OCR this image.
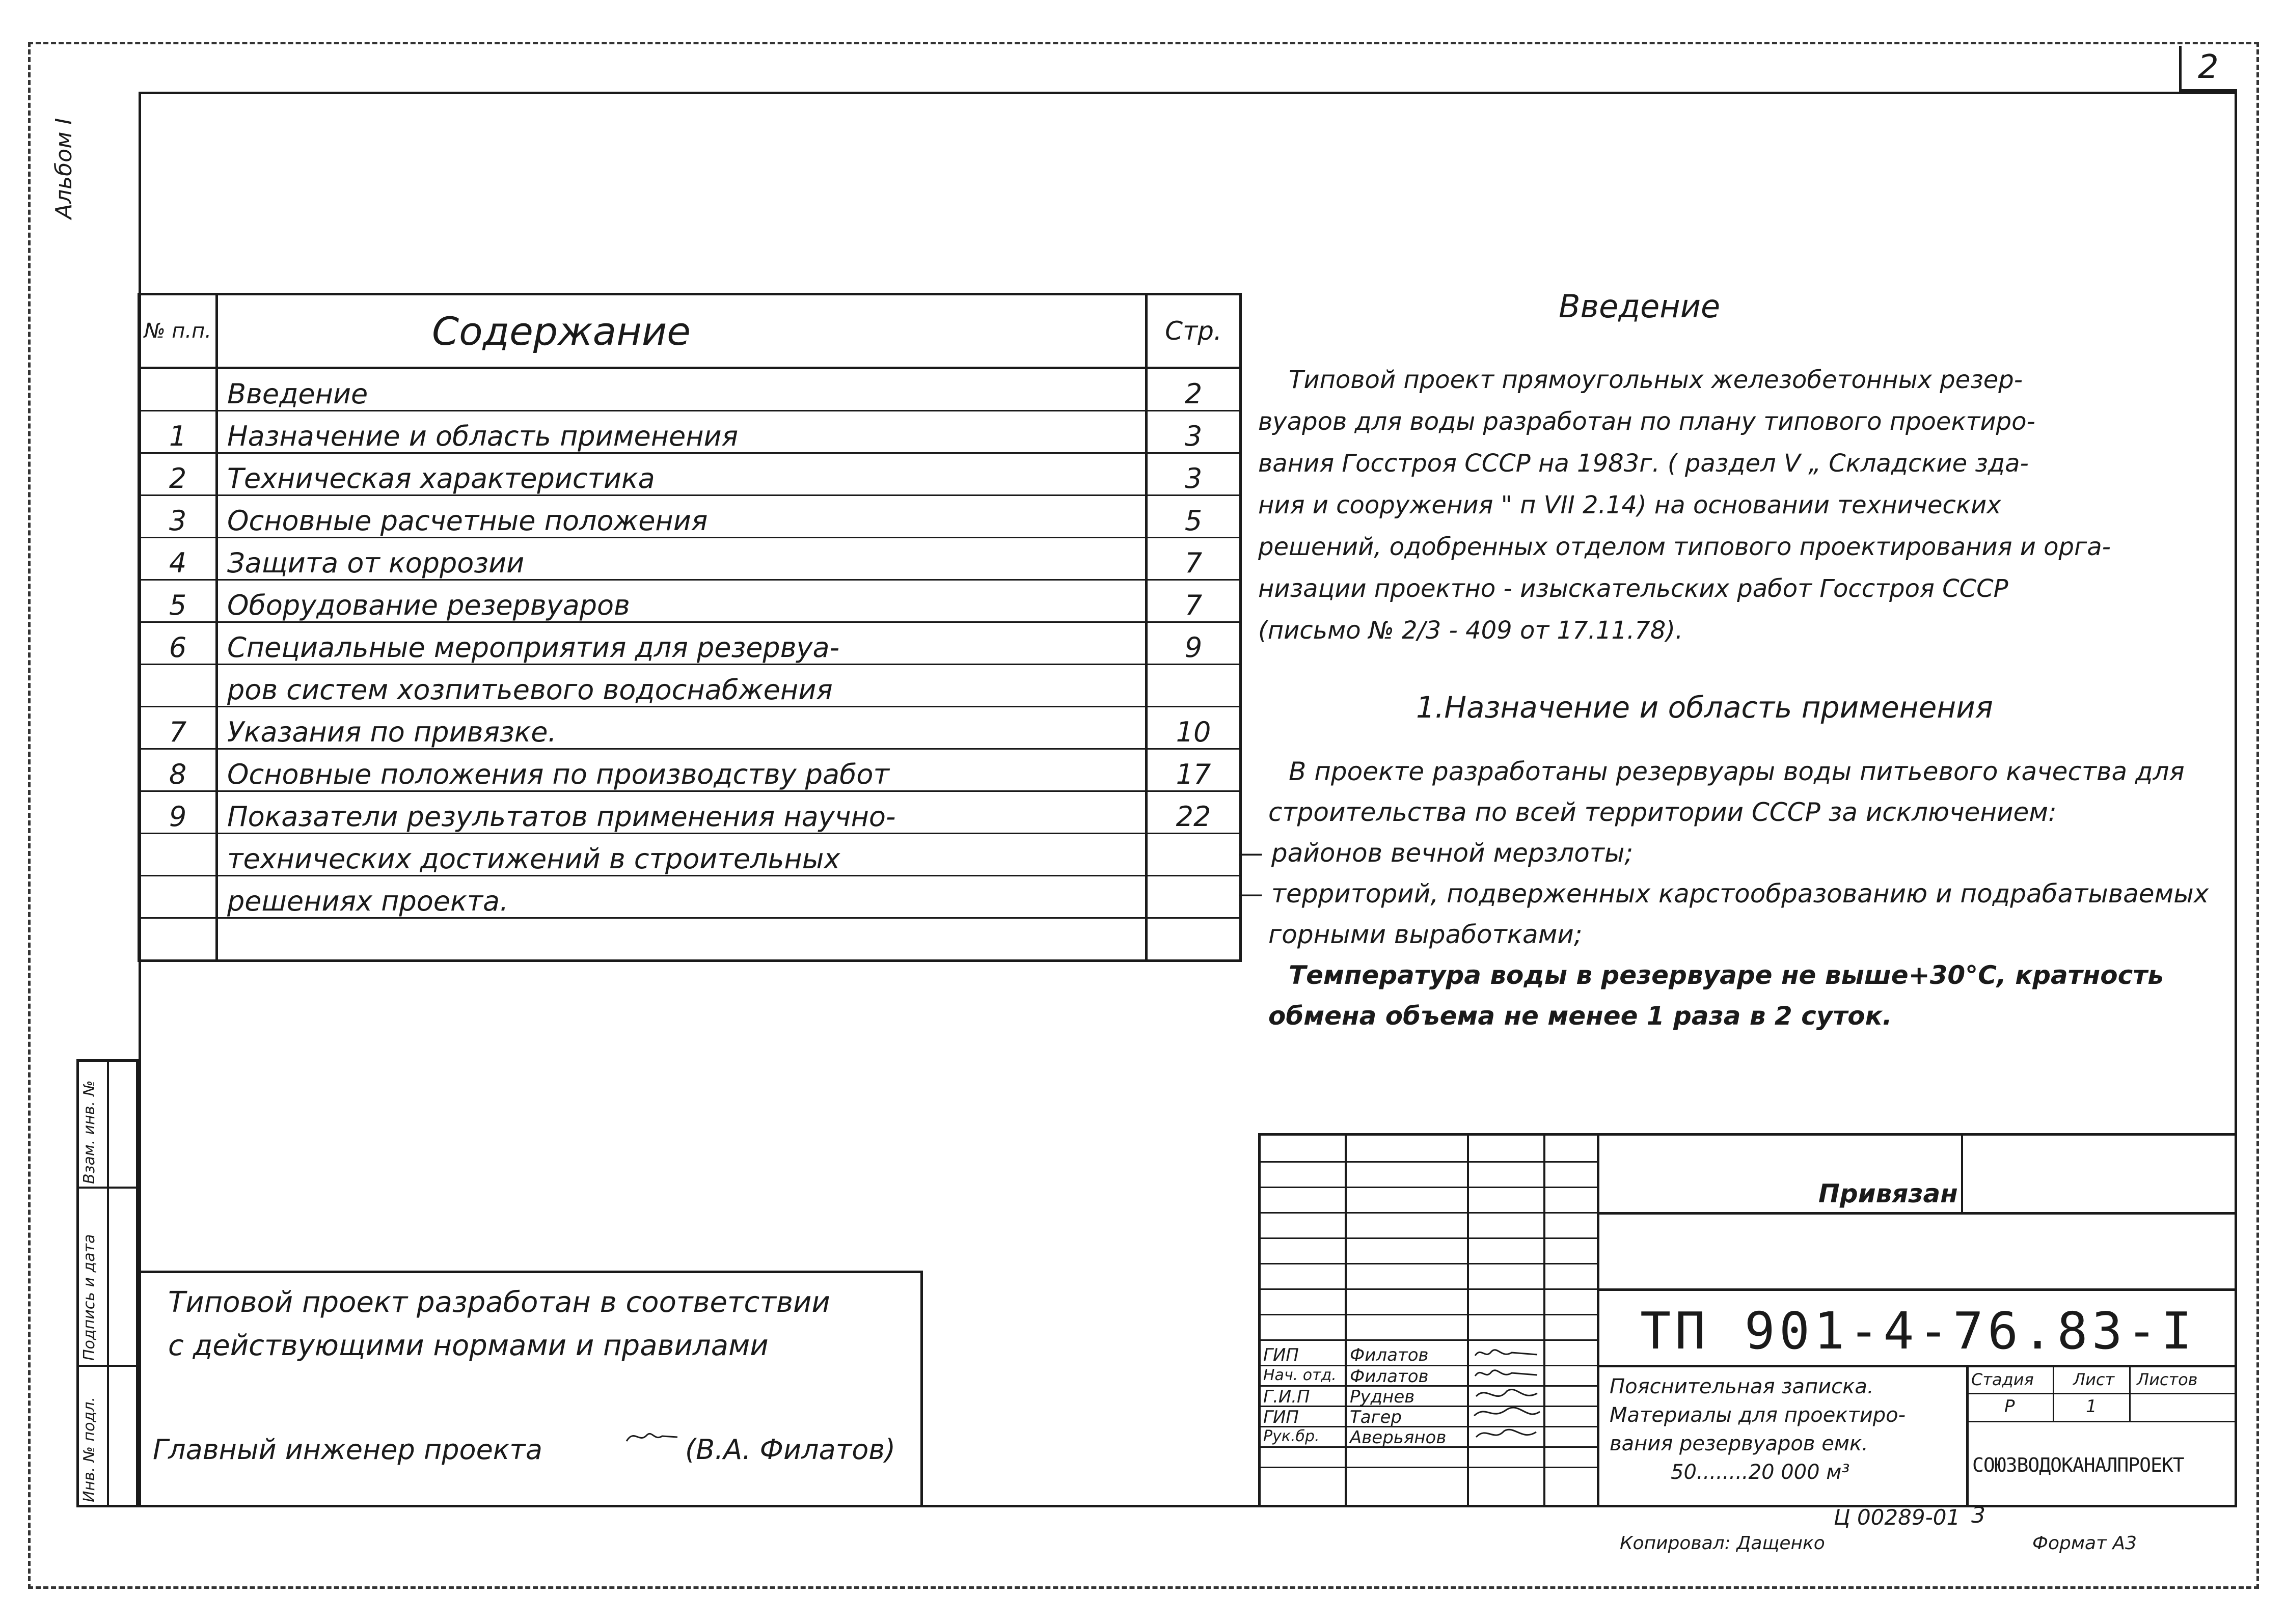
2
Альбом I
Взам. инв. №
Подпись и дата
Инв. № подл.
№ п.п.	Содержание	Стр.
	Введение	2
1	Назначение и область применения	3
2	Техническая характеристика	3
3	Основные расчетные положения	5
4	Защита от коррозии	7
5	Оборудование резервуаров	7
6	Специальные мероприятия для резервуа-	9
	ров систем хозпитьевого водоснабжения	
7	Указания по привязке.	10
8	Основные положения по производству работ	17
9	Показатели результатов применения научно-	22
	технических достижений в строительных	
	решениях проекта.	

Введение
Типовой проект прямоугольных железобетонных резер-
вуаров для воды разработан по плану типового проектиро-
вания Госстроя СССР на 1983г. ( раздел V „ Складские зда-
ния и сооружения " п VII 2.14) на основании технических
решений, одобренных отделом типового проектирования и орга-
низации проектно - изыскательских работ Госстроя СССР
(письмо № 2/3 - 409 от 17.11.78).
1.Назначение и область применения
В проекте разработаны резервуары воды питьевого качества для
строительства по всей территории СССР за исключением:
— районов вечной мерзлоты;
— территорий, подверженных карстообразованию и подрабатываемых
горными выработками;
Температура воды в резервуаре не выше+30°С, кратность
обмена объема не менее 1 раза в 2 суток.
Типовой проект разработан в соответствии
с действующими нормами и правилами
Главный инженер проекта	(В.А. Филатов)
Привязан
ТП 901-4-76.83-I
Пояснительная записка.
Материалы для проектиро-
вания резервуаров емк.
50........20 000 м³
Стадия Лист Листов
Р	1
СОЮЗВОДОКАНАЛПРОЕКТ
ГИП	Филатов
Нач. отд. Филатов
Г.И.П Руднев
ГИП	Тагер
Рук.бр. Аверьянов
Ц 00289-01 3
Копировал: Дащенко	Формат А3
